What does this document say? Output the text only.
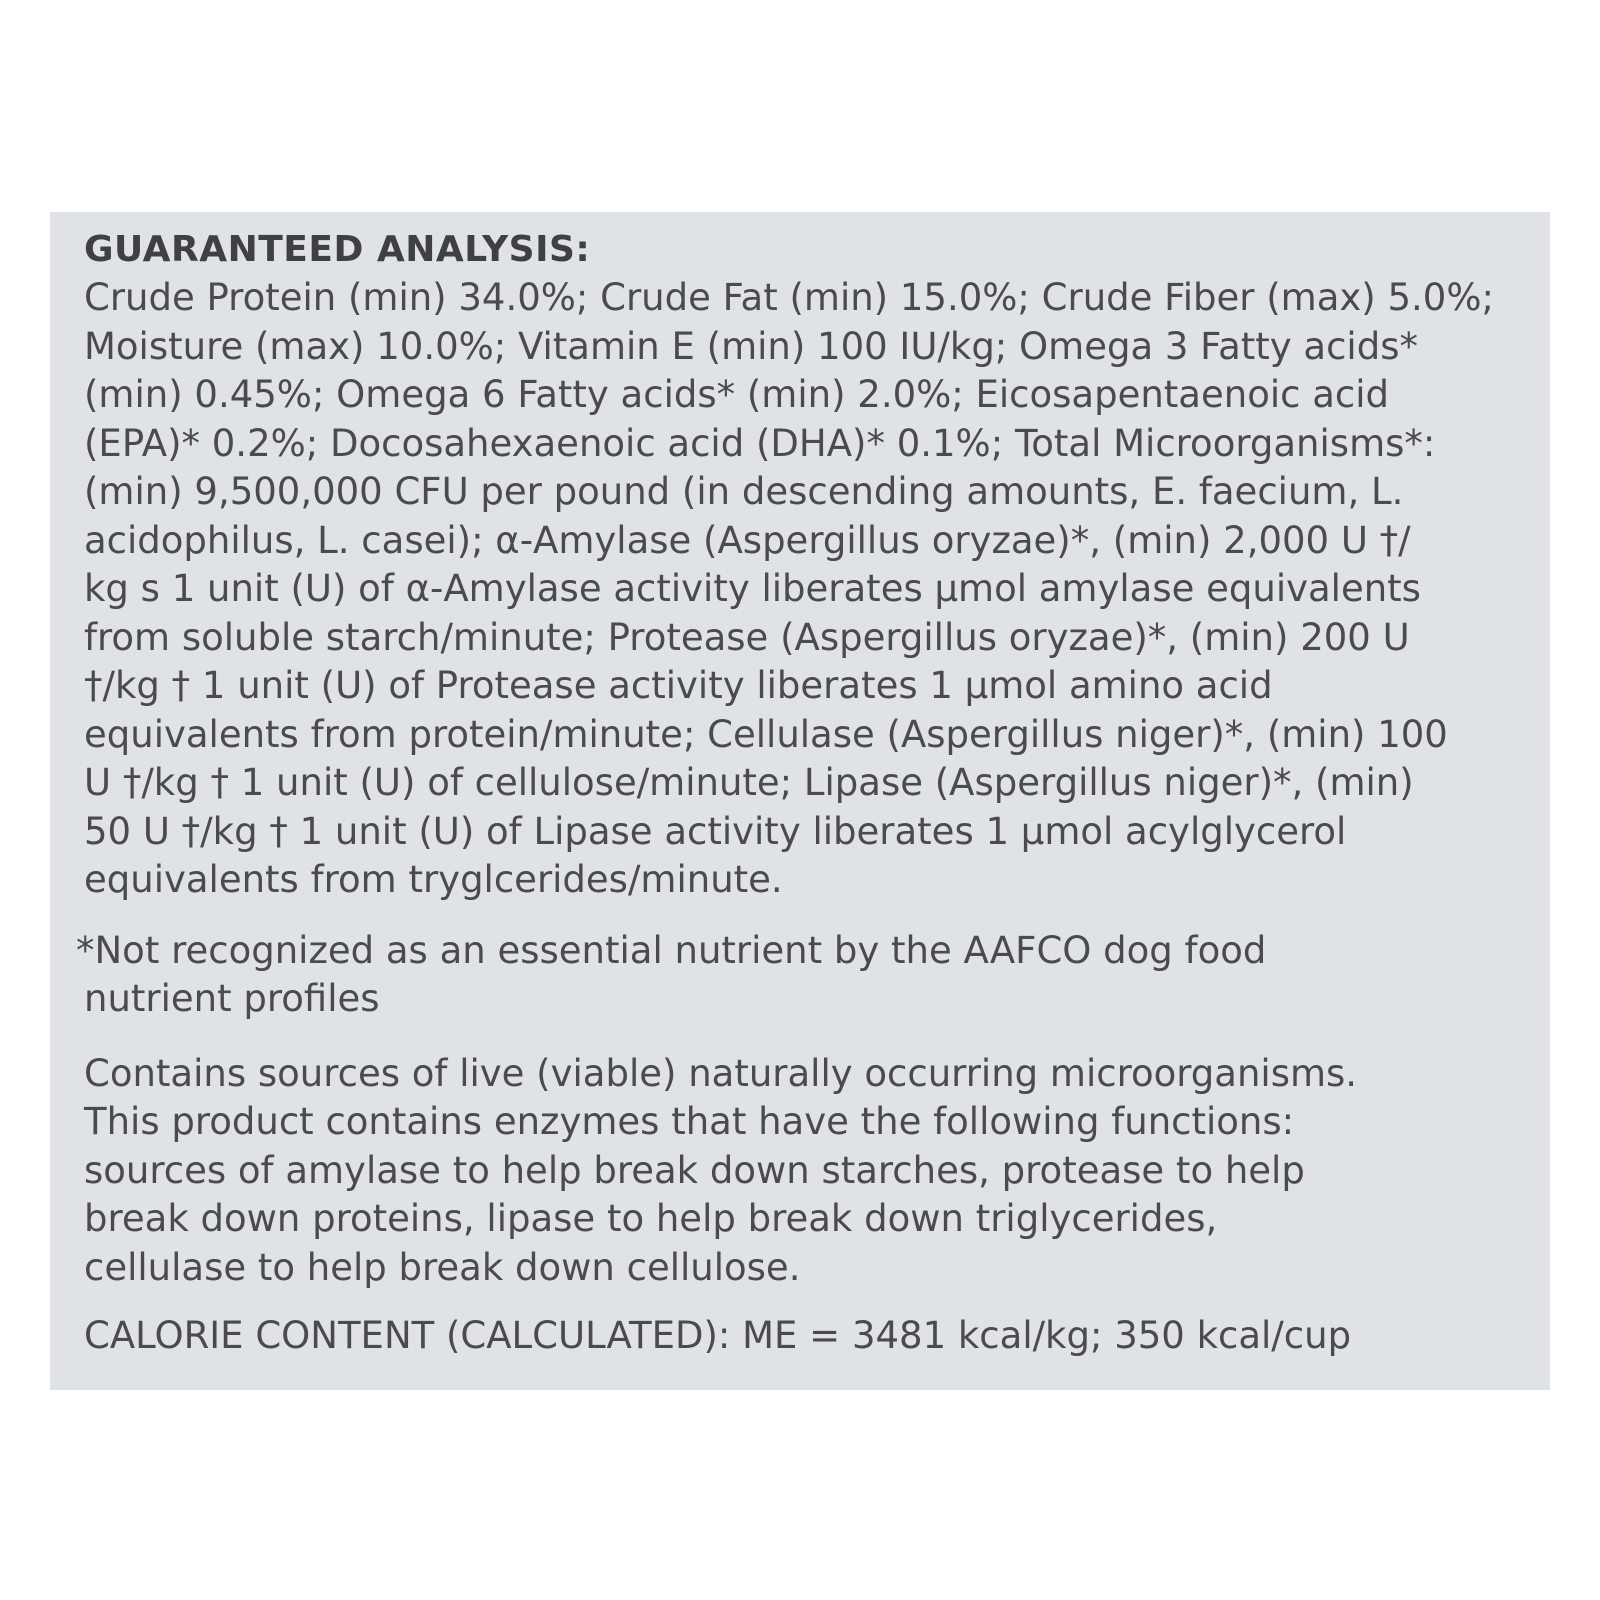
GUARANTEED ANALYSIS:

Crude Protein (min) 34.0%; Crude Fat (min) 15.0%; Crude Fiber (max) 5.0%;
Moisture (max) 10.0%; Vitamin E (min) 100 IU/kg; Omega 3 Fatty acids*
(min) 0.45%; Omega 6 Fatty acids* (min) 2.0%; Eicosapentaenoic acid
(EPA)* 0.2%; Docosahexaenoic acid (DHA)* 0.1%; Total Microorganisms*:
(min) 9,500,000 CFU per pound (in descending amounts, E. faecium, L.
acidophilus, L. casei); α-Amylase (Aspergillus oryzae)*, (min) 2,000 U †/
kg s 1 unit (U) of α-Amylase activity liberates μmol amylase equivalents
from soluble starch/minute; Protease (Aspergillus oryzae)*, (min) 200 U
†/kg † 1 unit (U) of Protease activity liberates 1 μmol amino acid
equivalents from protein/minute; Cellulase (Aspergillus niger)*, (min) 100
U †/kg † 1 unit (U) of cellulose/minute; Lipase (Aspergillus niger)*, (min)
50 U †/kg † 1 unit (U) of Lipase activity liberates 1 μmol acylglycerol
equivalents from tryglcerides/minute.
*Not recognized as an essential nutrient by the AAFCO dog food
nutrient profiles
Contains sources of live (viable) naturally occurring microorganisms.
This product contains enzymes that have the following functions:
sources of amylase to help break down starches, protease to help
break down proteins, lipase to help break down triglycerides,
cellulase to help break down cellulose.
CALORIE CONTENT (CALCULATED): ME = 3481 kcal/kg; 350 kcal/cup
